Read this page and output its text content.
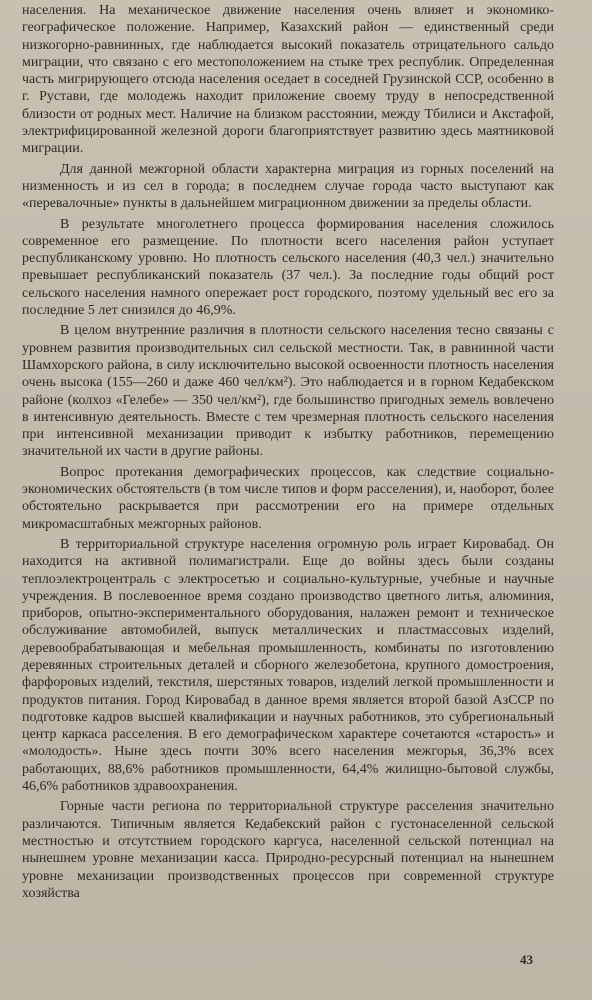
населения. На механическое движение населения очень влияет и экономико-географическое положение. Например, Казахский район — единственный среди низкогорно-равнинных, где наблюдается высокий показатель отрицательного сальдо миграции, что связано с его местоположением на стыке трех республик. Определенная часть мигрирующего отсюда населения оседает в соседней Грузинской ССР, особенно в г. Рустави, где молодежь находит приложение своему труду в непосредственной близости от родных мест. Наличие на близком расстоянии, между Тбилиси и Акстафой, электрифицированной железной дороги благоприятствует развитию здесь маятниковой миграции.

Для данной межгорной области характерна миграция из горных поселений на низменность и из сел в города; в последнем случае города часто выступают как «перевалочные» пункты в дальнейшем миграционном движении за пределы области.

В результате многолетнего процесса формирования населения сложилось современное его размещение. По плотности всего населения район уступает республиканскому уровню. Но плотность сельского населения (40,3 чел.) значительно превышает республиканский показатель (37 чел.). За последние годы общий рост сельского населения намного опережает рост городского, поэтому удельный вес его за последние 5 лет снизился до 46,9%.

В целом внутренние различия в плотности сельского населения тесно связаны с уровнем развития производительных сил сельской местности. Так, в равнинной части Шамхорского района, в силу исключительно высокой освоенности плотность населения очень высока (155—260 и даже 460 чел/км²). Это наблюдается и в горном Кедабекском районе (колхоз «Гелебе» — 350 чел/км²), где большинство пригодных земель вовлечено в интенсивную деятельность. Вместе с тем чрезмерная плотность сельского населения при интенсивной механизации приводит к избытку работников, перемещению значительной их части в другие районы.

Вопрос протекания демографических процессов, как следствие социально-экономических обстоятельств (в том числе типов и форм расселения), и, наоборот, более обстоятельно раскрывается при рассмотрении его на примере отдельных микромасштабных межгорных районов.

В территориальной структуре населения огромную роль играет Кировабад. Он находится на активной полимагистрали. Еще до войны здесь были созданы теплоэлектроцентраль с электросетью и социально-культурные, учебные и научные учреждения. В послевоенное время создано производство цветного литья, алюминия, приборов, опытно-экспериментального оборудования, налажен ремонт и техническое обслуживание автомобилей, выпуск металлических и пластмассовых изделий, деревообрабатывающая и мебельная промышленность, комбинаты по изготовлению деревянных строительных деталей и сборного железобетона, крупного домостроения, фарфоровых изделий, текстиля, шерстяных товаров, изделий легкой промышленности и продуктов питания. Город Кировабад в данное время является второй базой АзССР по подготовке кадров высшей квалификации и научных работников, это субрегиональный центр каркаса расселения. В его демографическом характере сочетаются «старость» и «молодость». Ныне здесь почти 30% всего населения межгорья, 36,3% всех работающих, 88,6% работников промышленности, 64,4% жилищно-бытовой службы, 46,6% работников здравоохранения.

Горные части региона по территориальной структуре расселения значительно различаются. Типичным является Кедабекский район с густонаселенной сельской местностью и отсутствием городского каргуса, населенной сельской потенциал на нынешнем уровне механизации касса. Природно-ресурсный потенциал на нынешнем уровне механизации производственных процессов при современной структуре хозяйства

43
